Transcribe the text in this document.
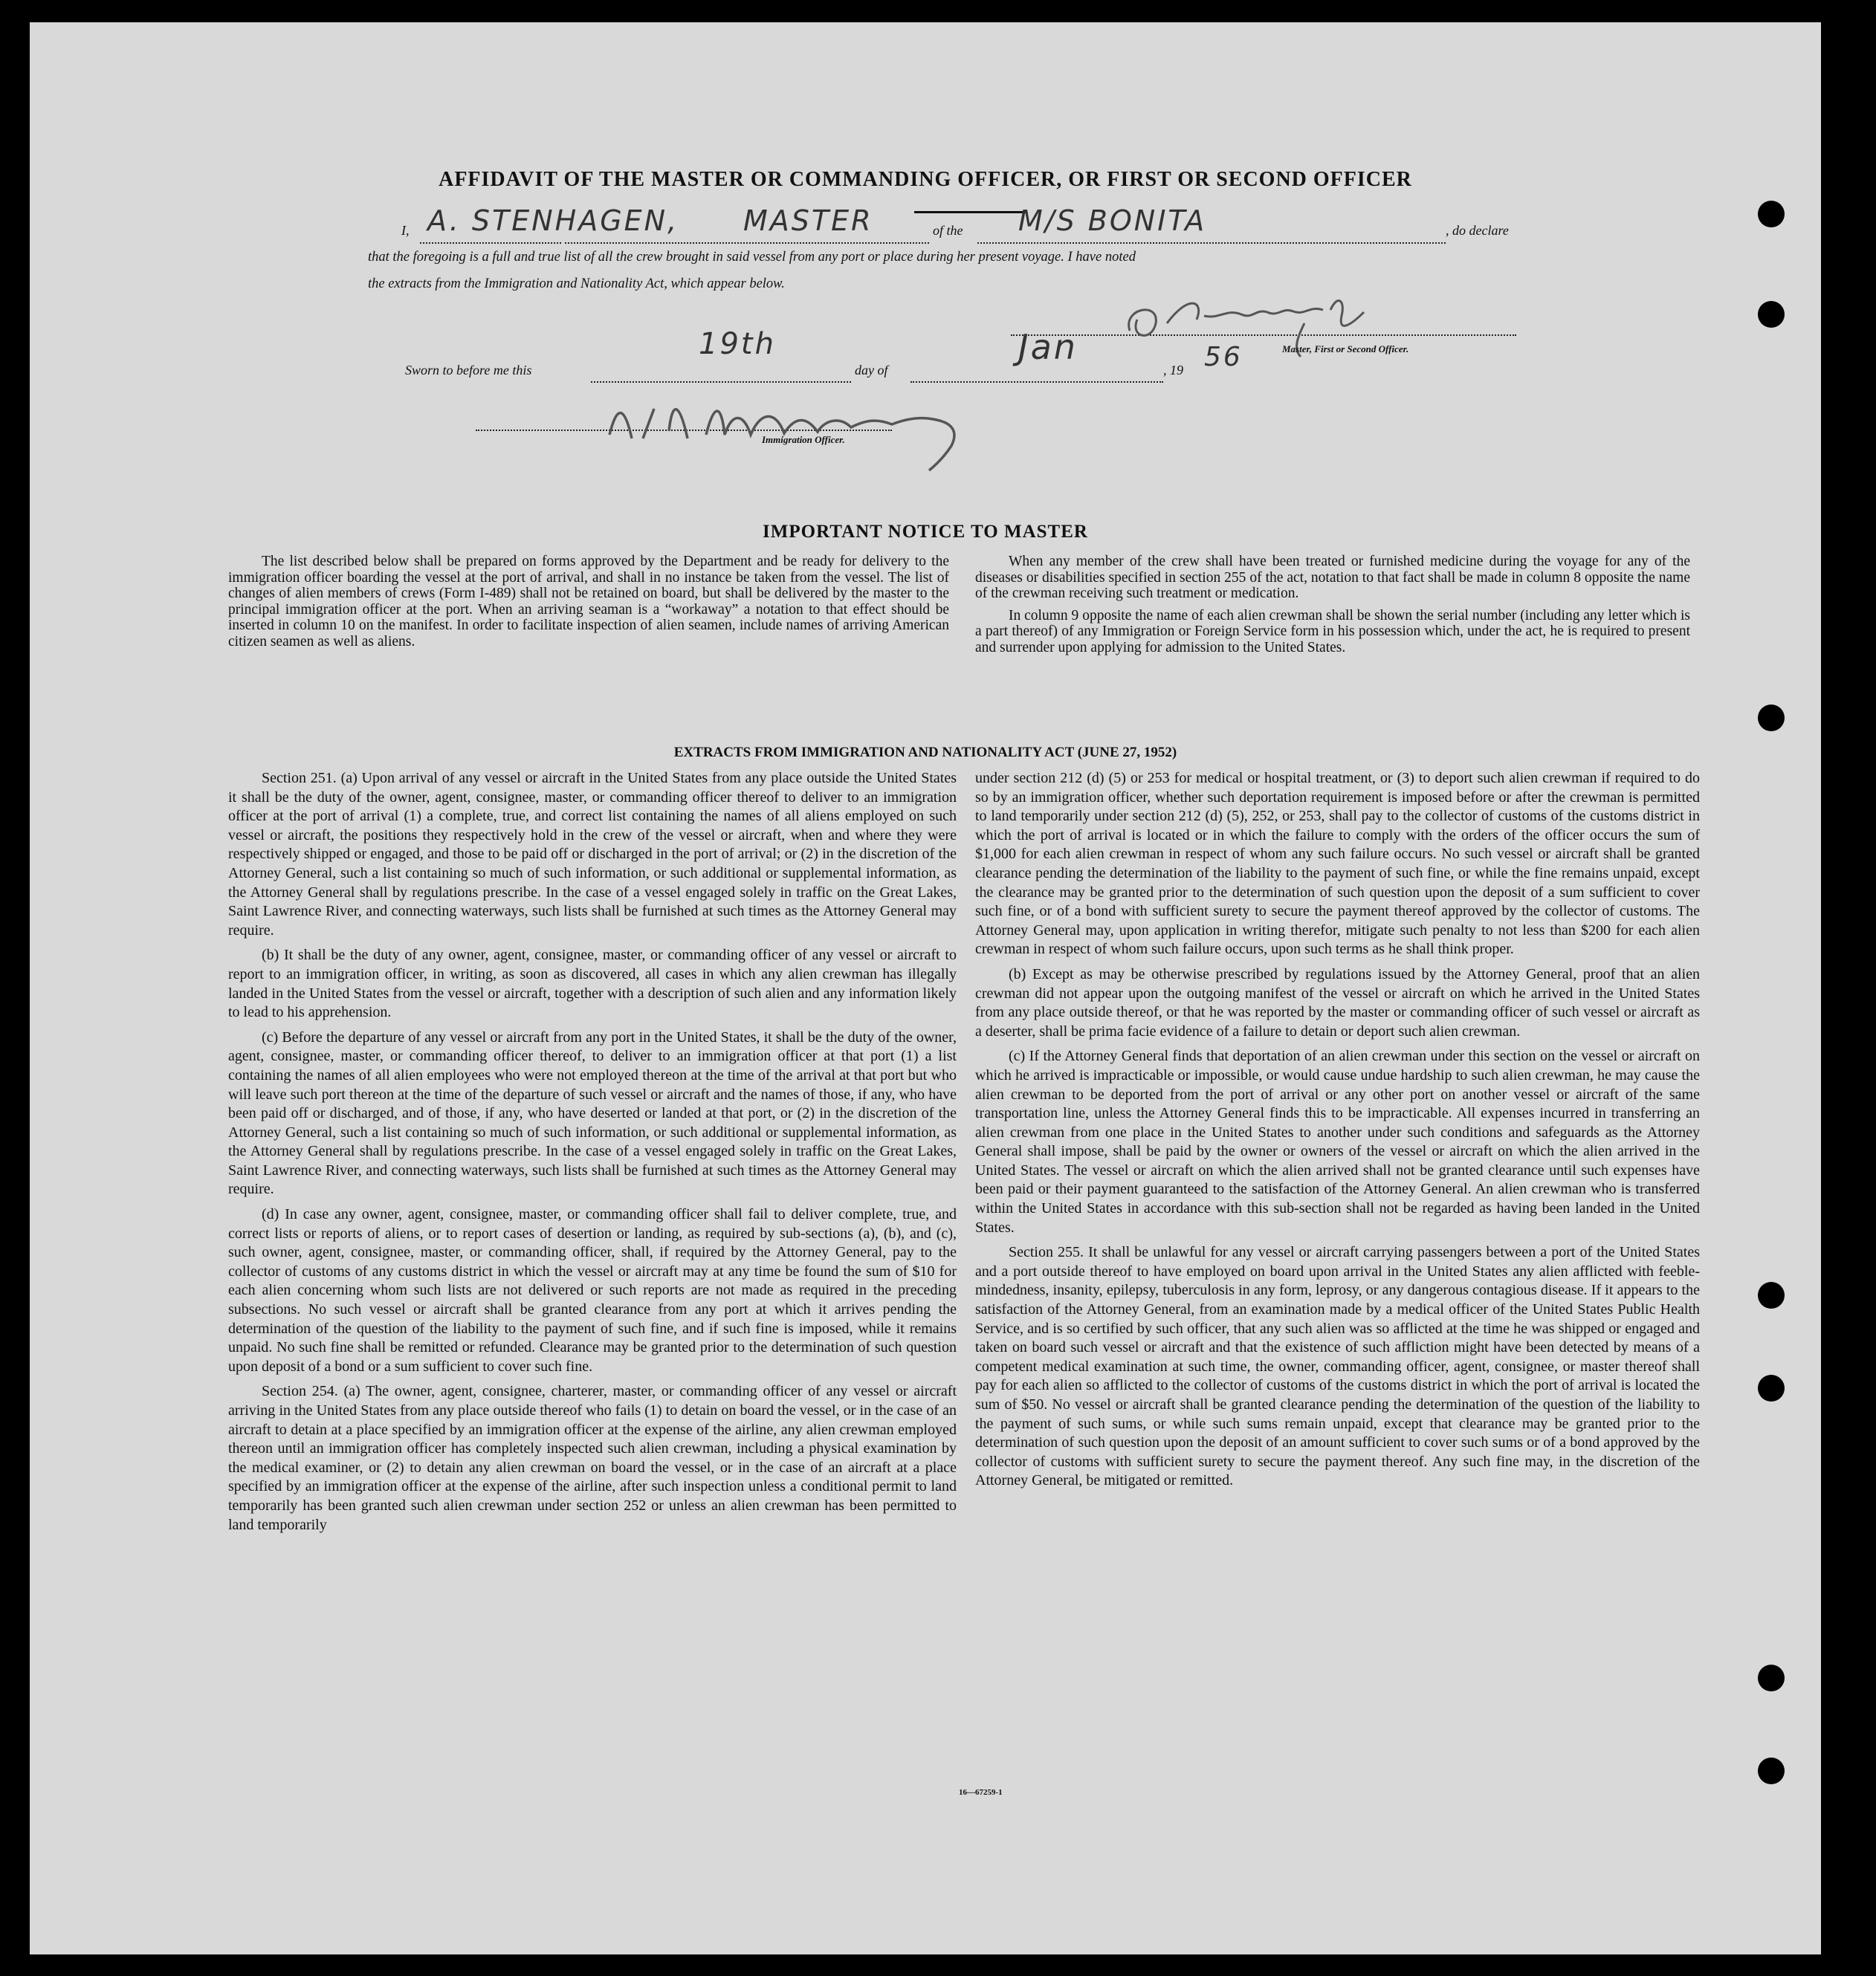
AFFIDAVIT OF THE MASTER OR COMMANDING OFFICER, OR FIRST OR SECOND OFFICER
I, A. STENHAGEN, MASTER	of the M/S BONITA	, do declare
that the foregoing is a full and true list of all the crew brought in said vessel from any port or place during her present voyage. I have noted
the extracts from the Immigration and Nationality Act, which appear below.
Master, First or Second Officer.
Sworn to before me this
19th
day of
Jan
, 19 56
Immigration Officer.
IMPORTANT NOTICE TO MASTER

The list described below shall be prepared on forms approved by the Department and be ready for delivery to the immigration officer boarding the vessel at the port of arrival, and shall in no instance be taken from the vessel. The list of changes of alien members of crews (Form I-489) shall not be retained on board, but shall be delivered by the master to the principal immigration officer at the port. When an arriving seaman is a “workaway” a notation to that effect should be inserted in column 10 on the manifest. In order to facilitate inspection of alien seamen, include names of arriving American citizen seamen as well as aliens.

When any member of the crew shall have been treated or furnished medicine during the voyage for any of the diseases or disabilities specified in section 255 of the act, notation to that fact shall be made in column 8 opposite the name of the crewman receiving such treatment or medication.

In column 9 opposite the name of each alien crewman shall be shown the serial number (including any letter which is a part thereof) of any Immigration or Foreign Service form in his possession which, under the act, he is required to present and surrender upon applying for admission to the United States.

EXTRACTS FROM IMMIGRATION AND NATIONALITY ACT (JUNE 27, 1952)

Section 251. (a) Upon arrival of any vessel or aircraft in the United States from any place outside the United States it shall be the duty of the owner, agent, consignee, master, or commanding officer thereof to deliver to an immigration officer at the port of arrival (1) a complete, true, and correct list containing the names of all aliens employed on such vessel or aircraft, the positions they respectively hold in the crew of the vessel or aircraft, when and where they were respectively shipped or engaged, and those to be paid off or discharged in the port of arrival; or (2) in the discretion of the Attorney General, such a list containing so much of such information, or such additional or supplemental information, as the Attorney General shall by regulations prescribe. In the case of a vessel engaged solely in traffic on the Great Lakes, Saint Lawrence River, and connecting waterways, such lists shall be furnished at such times as the Attorney General may require.

(b) It shall be the duty of any owner, agent, consignee, master, or commanding officer of any vessel or aircraft to report to an immigration officer, in writing, as soon as discovered, all cases in which any alien crewman has illegally landed in the United States from the vessel or aircraft, together with a description of such alien and any information likely to lead to his apprehension.

(c) Before the departure of any vessel or aircraft from any port in the United States, it shall be the duty of the owner, agent, consignee, master, or commanding officer thereof, to deliver to an immigration officer at that port (1) a list containing the names of all alien employees who were not employed thereon at the time of the arrival at that port but who will leave such port thereon at the time of the departure of such vessel or aircraft and the names of those, if any, who have been paid off or discharged, and of those, if any, who have deserted or landed at that port, or (2) in the discretion of the Attorney General, such a list containing so much of such information, or such additional or supplemental information, as the Attorney General shall by regulations prescribe. In the case of a vessel engaged solely in traffic on the Great Lakes, Saint Lawrence River, and connecting waterways, such lists shall be furnished at such times as the Attorney General may require.

(d) In case any owner, agent, consignee, master, or commanding officer shall fail to deliver complete, true, and correct lists or reports of aliens, or to report cases of desertion or landing, as required by sub-sections (a), (b), and (c), such owner, agent, consignee, master, or commanding officer, shall, if required by the Attorney General, pay to the collector of customs of any customs district in which the vessel or aircraft may at any time be found the sum of $10 for each alien concerning whom such lists are not delivered or such reports are not made as required in the preceding subsections. No such vessel or aircraft shall be granted clearance from any port at which it arrives pending the determination of the question of the liability to the payment of such fine, and if such fine is imposed, while it remains unpaid. No such fine shall be remitted or refunded. Clearance may be granted prior to the determination of such question upon deposit of a bond or a sum sufficient to cover such fine.

Section 254. (a) The owner, agent, consignee, charterer, master, or commanding officer of any vessel or aircraft arriving in the United States from any place outside thereof who fails (1) to detain on board the vessel, or in the case of an aircraft to detain at a place specified by an immigration officer at the expense of the airline, any alien crewman employed thereon until an immigration officer has completely inspected such alien crewman, including a physical examination by the medical examiner, or (2) to detain any alien crewman on board the vessel, or in the case of an aircraft at a place specified by an immigration officer at the expense of the airline, after such inspection unless a conditional permit to land temporarily has been granted such alien crewman under section 252 or unless an alien crewman has been permitted to land temporarily

under section 212 (d) (5) or 253 for medical or hospital treatment, or (3) to deport such alien crewman if required to do so by an immigration officer, whether such deportation requirement is imposed before or after the crewman is permitted to land temporarily under section 212 (d) (5), 252, or 253, shall pay to the collector of customs of the customs district in which the port of arrival is located or in which the failure to comply with the orders of the officer occurs the sum of $1,000 for each alien crewman in respect of whom any such failure occurs. No such vessel or aircraft shall be granted clearance pending the determination of the liability to the payment of such fine, or while the fine remains unpaid, except the clearance may be granted prior to the determination of such question upon the deposit of a sum sufficient to cover such fine, or of a bond with sufficient surety to secure the payment thereof approved by the collector of customs. The Attorney General may, upon application in writing therefor, mitigate such penalty to not less than $200 for each alien crewman in respect of whom such failure occurs, upon such terms as he shall think proper.

(b) Except as may be otherwise prescribed by regulations issued by the Attorney General, proof that an alien crewman did not appear upon the outgoing manifest of the vessel or aircraft on which he arrived in the United States from any place outside thereof, or that he was reported by the master or commanding officer of such vessel or aircraft as a deserter, shall be prima facie evidence of a failure to detain or deport such alien crewman.

(c) If the Attorney General finds that deportation of an alien crewman under this section on the vessel or aircraft on which he arrived is impracticable or impossible, or would cause undue hardship to such alien crewman, he may cause the alien crewman to be deported from the port of arrival or any other port on another vessel or aircraft of the same transportation line, unless the Attorney General finds this to be impracticable. All expenses incurred in transferring an alien crewman from one place in the United States to another under such conditions and safeguards as the Attorney General shall impose, shall be paid by the owner or owners of the vessel or aircraft on which the alien arrived in the United States. The vessel or aircraft on which the alien arrived shall not be granted clearance until such expenses have been paid or their payment guaranteed to the satisfaction of the Attorney General. An alien crewman who is transferred within the United States in accordance with this sub-section shall not be regarded as having been landed in the United States.

Section 255. It shall be unlawful for any vessel or aircraft carrying passengers between a port of the United States and a port outside thereof to have employed on board upon arrival in the United States any alien afflicted with feeble-mindedness, insanity, epilepsy, tuberculosis in any form, leprosy, or any dangerous contagious disease. If it appears to the satisfaction of the Attorney General, from an examination made by a medical officer of the United States Public Health Service, and is so certified by such officer, that any such alien was so afflicted at the time he was shipped or engaged and taken on board such vessel or aircraft and that the existence of such affliction might have been detected by means of a competent medical examination at such time, the owner, commanding officer, agent, consignee, or master thereof shall pay for each alien so afflicted to the collector of customs of the customs district in which the port of arrival is located the sum of $50. No vessel or aircraft shall be granted clearance pending the determination of the question of the liability to the payment of such sums, or while such sums remain unpaid, except that clearance may be granted prior to the determination of such question upon the deposit of an amount sufficient to cover such sums or of a bond approved by the collector of customs with sufficient surety to secure the payment thereof. Any such fine may, in the discretion of the Attorney General, be mitigated or remitted.

16—67259-1
